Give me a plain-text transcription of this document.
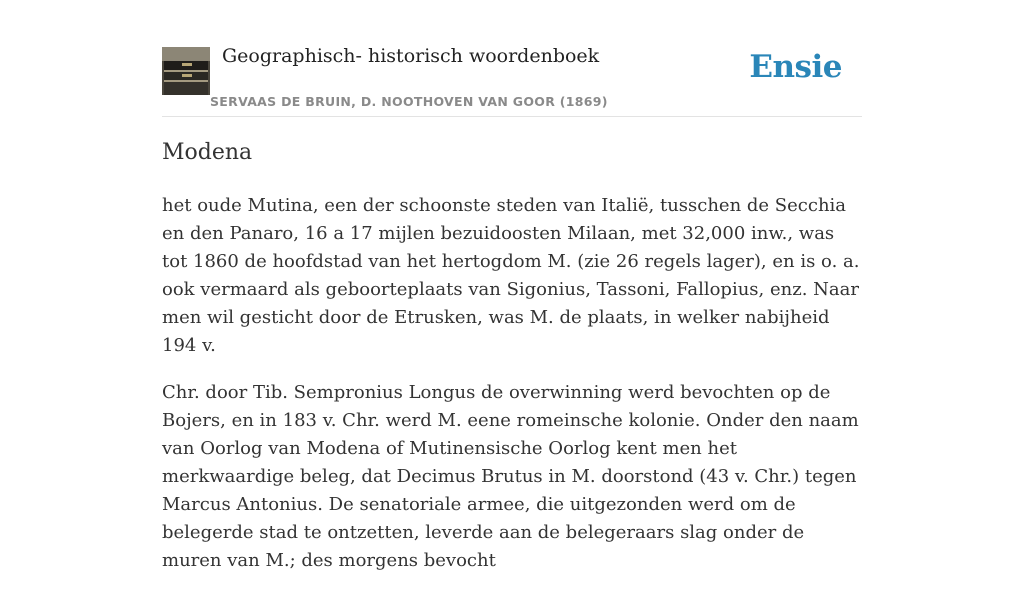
Geographisch- historisch woordenboek
SERVAAS DE BRUIN, D. NOOTHOVEN VAN GOOR (1869)
Ensie
Modena

het oude Mutina, een der schoonste steden van Italië, tusschen de Secchia en den Panaro, 16 a 17 mijlen bezuidoosten Milaan, met 32,000 inw., was tot 1860 de hoofdstad van het hertogdom M. (zie 26 regels lager), en is o. a. ook vermaard als geboorteplaats van Sigonius, Tassoni, Fallopius, enz. Naar men wil gesticht door de Etrusken, was M. de plaats, in welker nabijheid 194 v.

Chr. door Tib. Sempronius Longus de overwinning werd bevochten op de Bojers, en in 183 v. Chr. werd M. eene romeinsche kolonie. Onder den naam van Oorlog van Modena of Mutinensische Oorlog kent men het merkwaardige beleg, dat Decimus Brutus in M. doorstond (43 v. Chr.) tegen Marcus Antonius. De senatoriale armee, die uitgezonden werd om de belegerde stad te ontzetten, leverde aan de belegeraars slag onder de muren van M.; des morgens bevocht
